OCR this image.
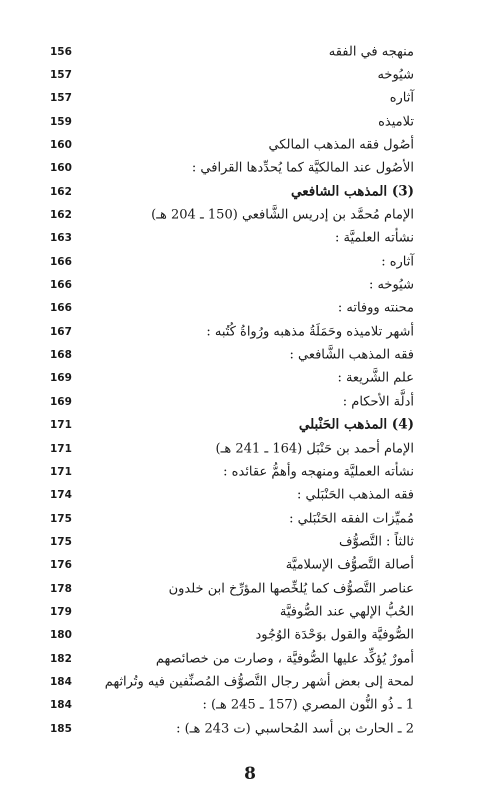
156	منهجه في الفقه
157	شيُوخه
157	آثاره
159	تلاميذه
160	أصُول فقه المذهب المالكي
160	الأصُول عند المالكيَّة كما يُحدِّدها القرافي :
162	(3) المذهب الشافعي
162	الإمام مُحمَّد بن إدريس الشَّافعي (150 ـ 204 هـ)
163	نشأته العلميَّة :
166	آثاره :
166	شيُوخه :
166	محنته ووفاته :
167	أشهر تلاميذه وحَمَلَةُ مذهبه ورُواةُ كُتُبه :
168	فقه المذهب الشَّافعي :
169	علم الشَّريعة :
169	أدلَّة الأحكام :
171	(4) المذهب الحَنْبلي
171	الإمام أحمد بن حَنْبَل (164 ـ 241 هـ)
171	نشأته العمليَّة ومنهجه وأهمُّ عقائده :
174	فقه المذهب الحَنْبَلي :
175	مُميِّزات الفقه الحَنْبَلي :
175	ثالثاً : التَّصوُّف
176	أصالة التَّصوُّف الإسلاميَّة
178	عناصر التَّصوُّف كما يُلخِّصها المؤرِّخ ابن خلدون
179	الحُبُّ الإلهي عند الصُّوفيَّة
180	الصُّوفيَّة والقول بوَحْدَة الوُجُود
182	أمورٌ يُؤكِّد عليها الصُّوفيَّة ، وصارت من خصائصهم
184	لمحة إلى بعض أشهر رجال التَّصوُّف المُصنِّفين فيه وتُراثهم
184	1 ـ ذُو النُّون المصري (157 ـ 245 هـ) :
185	2 ـ الحارث بن أسد المُحاسبي (ت 243 هـ) :
8
